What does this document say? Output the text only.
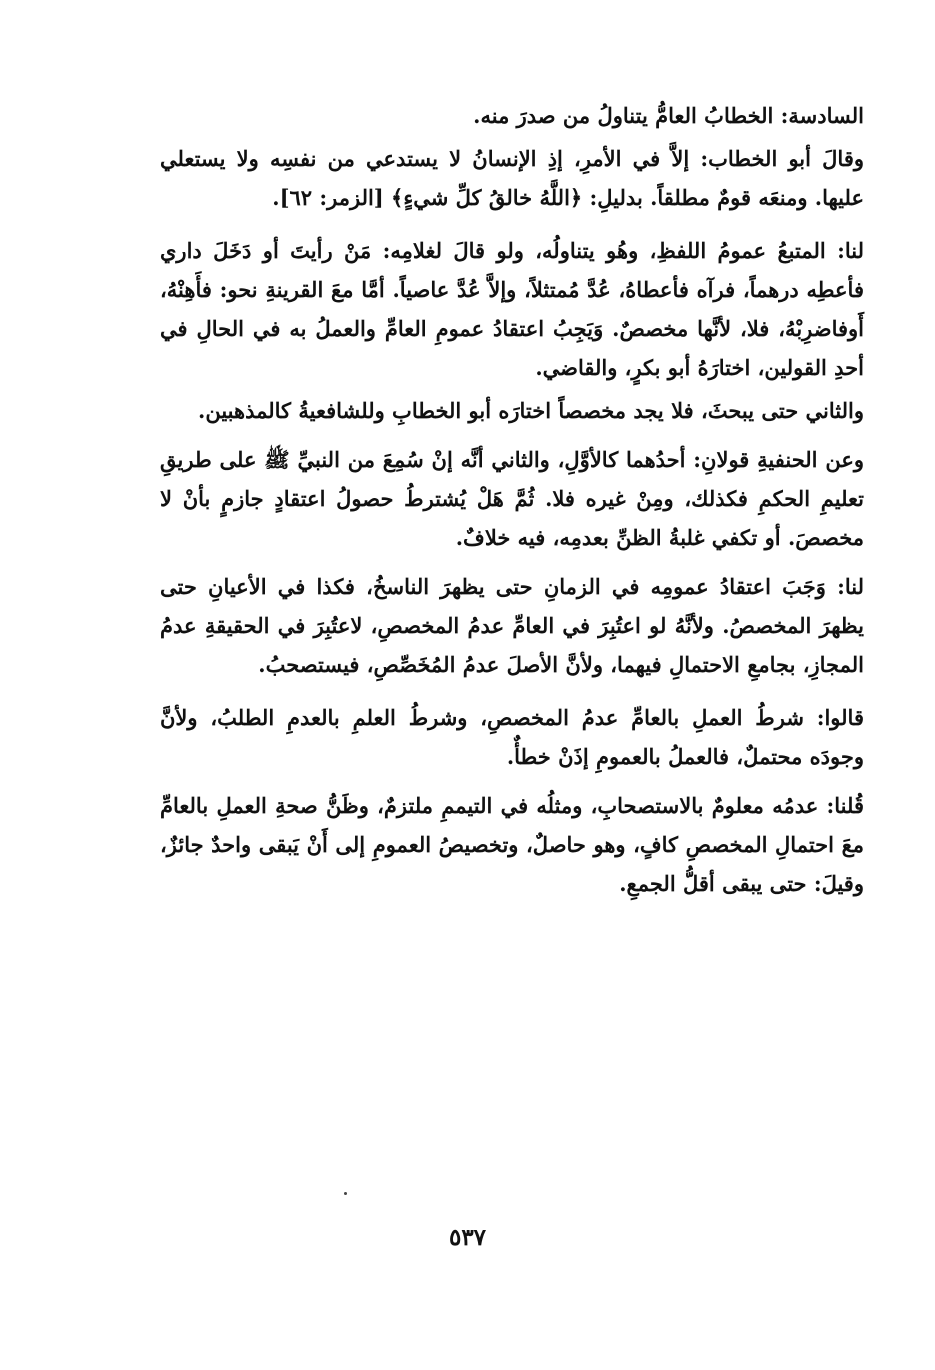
السادسة: الخطابُ العامُّ يتناولُ من صدرَ منه.

وقالَ أبو الخطاب: إلاَّ في الأمرِ، إذِ الإنسانُ لا يستدعي من نفسِه ولا يستعلي عليها. ومنعَه قومٌ مطلقاً. بدليلِ: ﴿اللَّهُ خالقُ كلِّ شيءٍ﴾ [الزمر: ٦٢].

لنا: المتبعُ عمومُ اللفظِ، وهُو يتناولُه، ولو قالَ لغلامِه: مَنْ رأيتَ أو دَخَلَ داري فأعطِه درهماً، فرآه فأعطاهُ، عُدَّ مُمتثلاً، وإلاَّ عُدَّ عاصياً. أمَّا معَ القرينةِ نحو: فأَهِنْهُ، أَوفاضرِبْهُ، فلا، لأنَّها مخصصٌ. وَيَجِبُ اعتقادُ عمومِ العامِّ والعملُ به في الحالِ في أحدِ القولين، اختارَهُ أبو بكرٍ، والقاضي.

والثاني حتى يبحثَ، فلا يجد مخصصاً اختارَه أبو الخطابِ وللشافعيةُ كالمذهبين.

وعن الحنفيةِ قولانِ: أحدُهما كالأوَّلِ، والثاني أنَّه إنْ سُمِعَ من النبيِّ ﷺ على طريقِ تعليمِ الحكمِ فكذلك، ومِنْ غيره فلا. ثُمَّ هَلْ يُشترطُ حصولُ اعتقادٍ جازمٍ بأنْ لا مخصصَ. أو تكفي غلبةُ الظنِّ بعدمِه، فيه خلافٌ.

لنا: وَجَبَ اعتقادُ عمومِه في الزمانِ حتى يظهرَ الناسخُ، فكذا في الأعيانِ حتى يظهرَ المخصصُ. ولأنَّهُ لو اعتُبِرَ في العامِّ عدمُ المخصصِ، لاعتُبِرَ في الحقيقةِ عدمُ المجازِ، بجامعِ الاحتمالِ فيهما، ولأنَّ الأصلَ عدمُ المُخَصِّصِ، فيستصحبُ.

قالوا: شرطُ العملِ بالعامِّ عدمُ المخصصِ، وشرطُ العلمِ بالعدمِ الطلبُ، ولأنَّ وجودَه محتملٌ، فالعملُ بالعمومِ إذَنْ خطأٌ.

قُلنا: عدمُه معلومٌ بالاستصحابِ، ومثلُه في التيممِ ملتزمٌ، وظَنُّ صحةِ العملِ بالعامِّ معَ احتمالِ المخصصِ كافٍ، وهو حاصلٌ، وتخصيصُ العمومِ إلى أَنْ يَبقى واحدٌ جائزٌ، وقيلَ: حتى يبقى أقلُّ الجمعِ.

٥٣٧
